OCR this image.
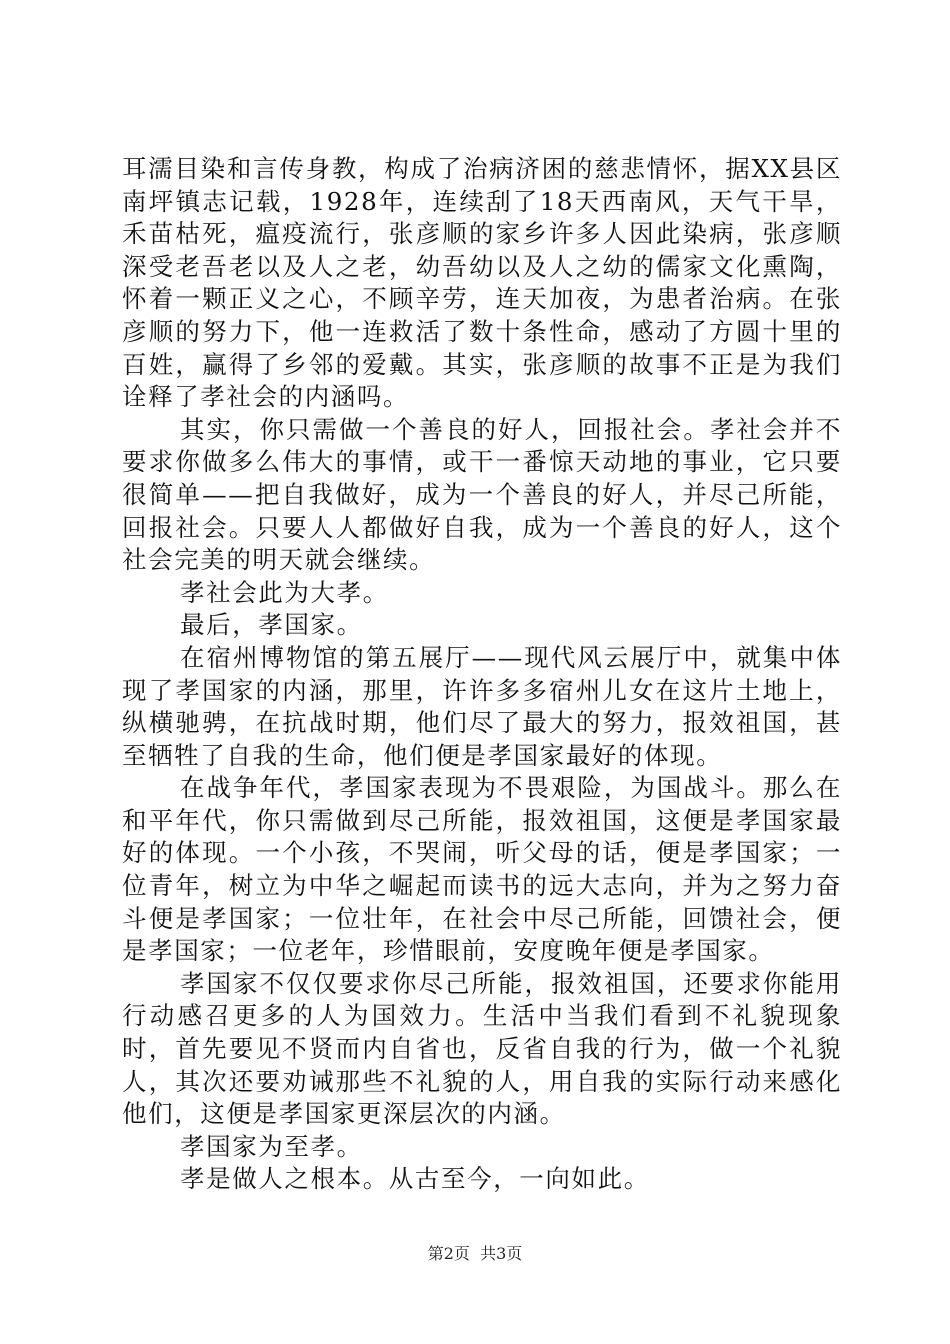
耳濡目染和言传身教，构成了治病济困的慈悲情怀，据XX县区南坪镇志记载，1928年，连续刮了18天西南风，天气干旱，禾苗枯死，瘟疫流行，张彦顺的家乡许多人因此染病，张彦顺深受老吾老以及人之老，幼吾幼以及人之幼的儒家文化熏陶，怀着一颗正义之心，不顾辛劳，连天加夜，为患者治病。在张彦顺的努力下，他一连救活了数十条性命，感动了方圆十里的百姓，赢得了乡邻的爱戴。其实，张彦顺的故事不正是为我们诠释了孝社会的内涵吗。

其实，你只需做一个善良的好人，回报社会。孝社会并不要求你做多么伟大的事情，或干一番惊天动地的事业，它只要很简单——把自我做好，成为一个善良的好人，并尽己所能，回报社会。只要人人都做好自我，成为一个善良的好人，这个社会完美的明天就会继续。

孝社会此为大孝。

最后，孝国家。

在宿州博物馆的第五展厅——现代风云展厅中，就集中体现了孝国家的内涵，那里，许许多多宿州儿女在这片土地上，纵横驰骋，在抗战时期，他们尽了最大的努力，报效祖国，甚至牺牲了自我的生命，他们便是孝国家最好的体现。

在战争年代，孝国家表现为不畏艰险，为国战斗。那么在和平年代，你只需做到尽己所能，报效祖国，这便是孝国家最好的体现。一个小孩，不哭闹，听父母的话，便是孝国家；一位青年，树立为中华之崛起而读书的远大志向，并为之努力奋斗便是孝国家；一位壮年，在社会中尽己所能，回馈社会，便是孝国家；一位老年，珍惜眼前，安度晚年便是孝国家。

孝国家不仅仅要求你尽己所能，报效祖国，还要求你能用行动感召更多的人为国效力。生活中当我们看到不礼貌现象时，首先要见不贤而内自省也，反省自我的行为，做一个礼貌人，其次还要劝诫那些不礼貌的人，用自我的实际行动来感化他们，这便是孝国家更深层次的内涵。

孝国家为至孝。

孝是做人之根本。从古至今，一向如此。

第2页  共3页
